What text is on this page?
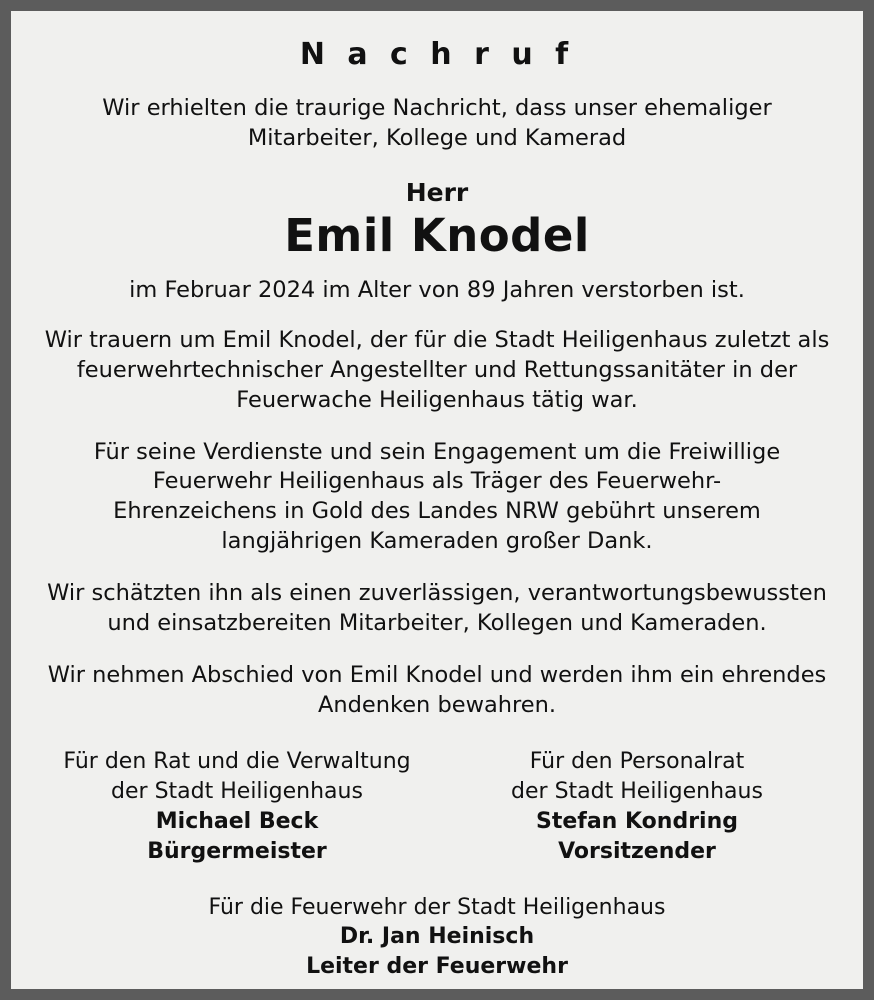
N a c h r u f
Wir erhielten die traurige Nachricht, dass unser ehemaliger
Mitarbeiter, Kollege und Kamerad
Herr
Emil Knodel
im Februar 2024 im Alter von 89 Jahren verstorben ist.
Wir trauern um Emil Knodel, der für die Stadt Heiligenhaus zuletzt als feuerwehrtechnischer Angestellter und Rettungssanitäter in der Feuerwache Heiligenhaus tätig war.
Für seine Verdienste und sein Engagement um die Freiwillige Feuerwehr Heiligenhaus als Träger des Feuerwehr-Ehrenzeichens in Gold des Landes NRW gebührt unserem langjährigen Kameraden großer Dank.
Wir schätzten ihn als einen zuverlässigen, verantwortungsbewussten und einsatzbereiten Mitarbeiter, Kollegen und Kameraden.
Wir nehmen Abschied von Emil Knodel und werden ihm ein ehrendes Andenken bewahren.
Für den Rat und die Verwaltung
der Stadt Heiligenhaus
Michael Beck
Bürgermeister
Für den Personalrat
der Stadt Heiligenhaus
Stefan Kondring
Vorsitzender
Für die Feuerwehr der Stadt Heiligenhaus
Dr. Jan Heinisch
Leiter der Feuerwehr
